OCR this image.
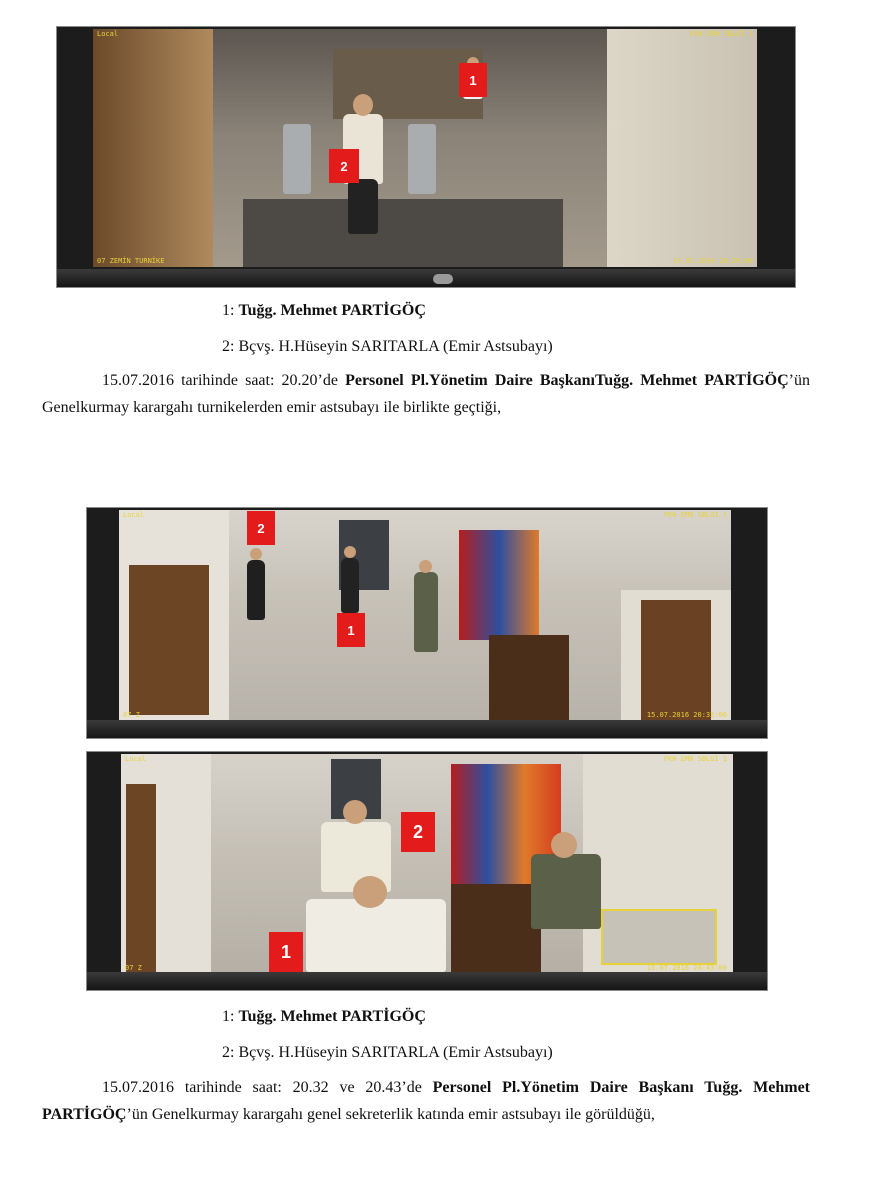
Local	FKH EMN SBLGİ 1
07 ZEMİN TURNİKE	15.07.2016 20:20:00
1
2
1: Tuğg. Mehmet PARTİGÖÇ
2: Bçvş. H.Hüseyin SARITARLA (Emir Astsubayı)
15.07.2016 tarihinde saat: 20.20’de Personel Pl.Yönetim Daire BaşkanıTuğg. Mehmet PARTİGÖÇ’ün Genelkurmay karargahı turnikelerden emir astsubayı ile birlikte geçtiği,
Local	FKH EMN SBLGİ 1
07 Z	15.07.2016 20:32:00
2
1
Local	FKH EMN SBLGİ 1
07 Z	15.07.2016 20:43:00
2
1
1: Tuğg. Mehmet PARTİGÖÇ
2: Bçvş. H.Hüseyin SARITARLA (Emir Astsubayı)
15.07.2016 tarihinde saat: 20.32 ve 20.43’de Personel Pl.Yönetim Daire Başkanı Tuğg. Mehmet PARTİGÖÇ’ün Genelkurmay karargahı genel sekreterlik katında emir astsubayı ile görüldüğü,
